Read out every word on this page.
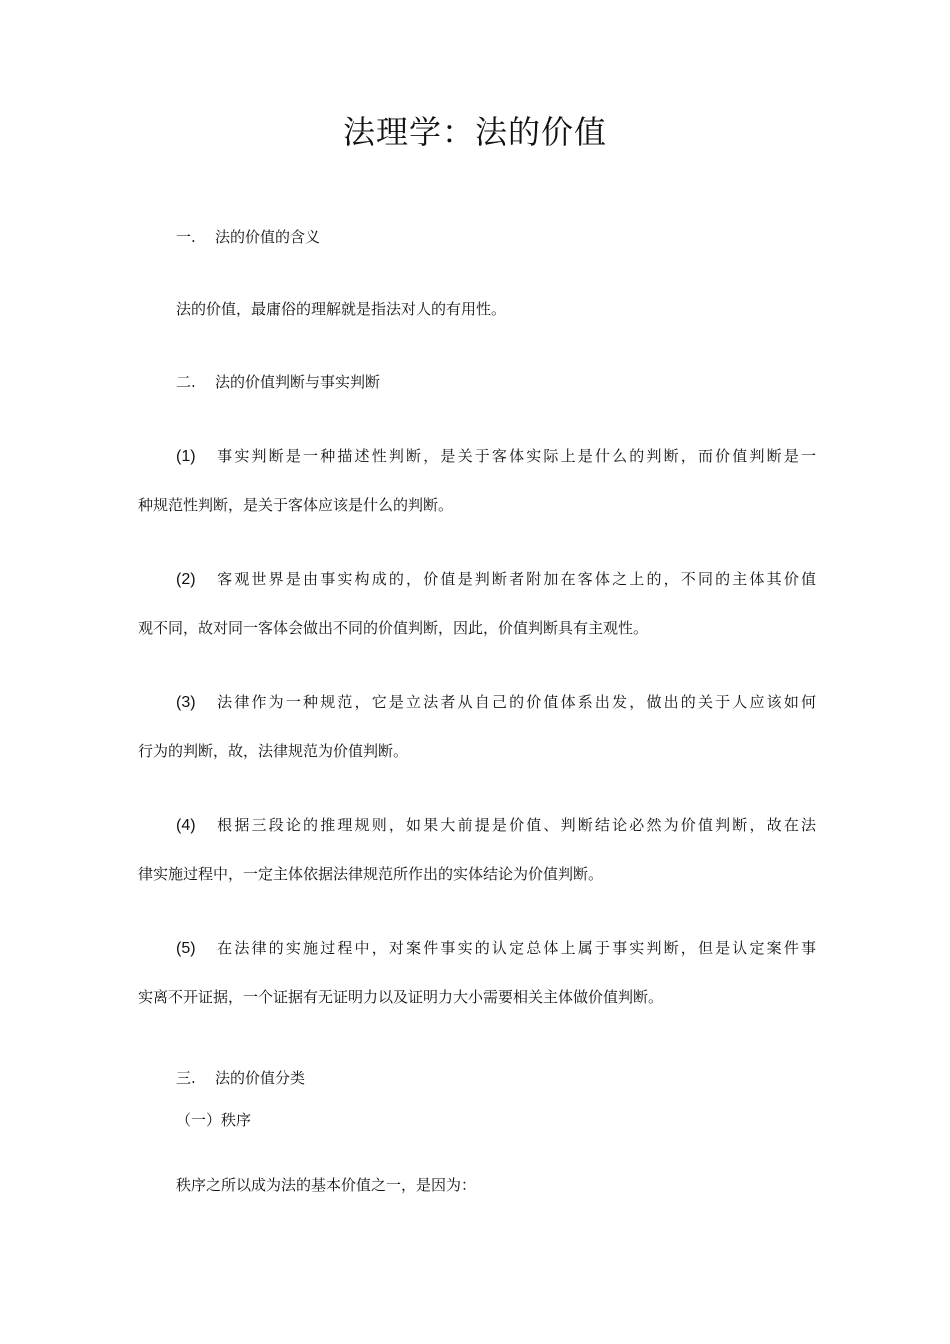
法理学：法的价值
一. 法的价值的含义
法的价值，最庸俗的理解就是指法对人的有用性。
二. 法的价值判断与事实判断
(1) 事实判断是一种描述性判断，是关于客体实际上是什么的判断，而价值判断是一
种规范性判断，是关于客体应该是什么的判断。
(2) 客观世界是由事实构成的，价值是判断者附加在客体之上的，不同的主体其价值
观不同，故对同一客体会做出不同的价值判断，因此，价值判断具有主观性。
(3) 法律作为一种规范，它是立法者从自己的价值体系出发，做出的关于人应该如何
行为的判断，故，法律规范为价值判断。
(4) 根据三段论的推理规则，如果大前提是价值、判断结论必然为价值判断，故在法
律实施过程中，一定主体依据法律规范所作出的实体结论为价值判断。
(5) 在法律的实施过程中，对案件事实的认定总体上属于事实判断，但是认定案件事
实离不开证据，一个证据有无证明力以及证明力大小需要相关主体做价值判断。
三. 法的价值分类
（一）秩序
秩序之所以成为法的基本价值之一，是因为：
